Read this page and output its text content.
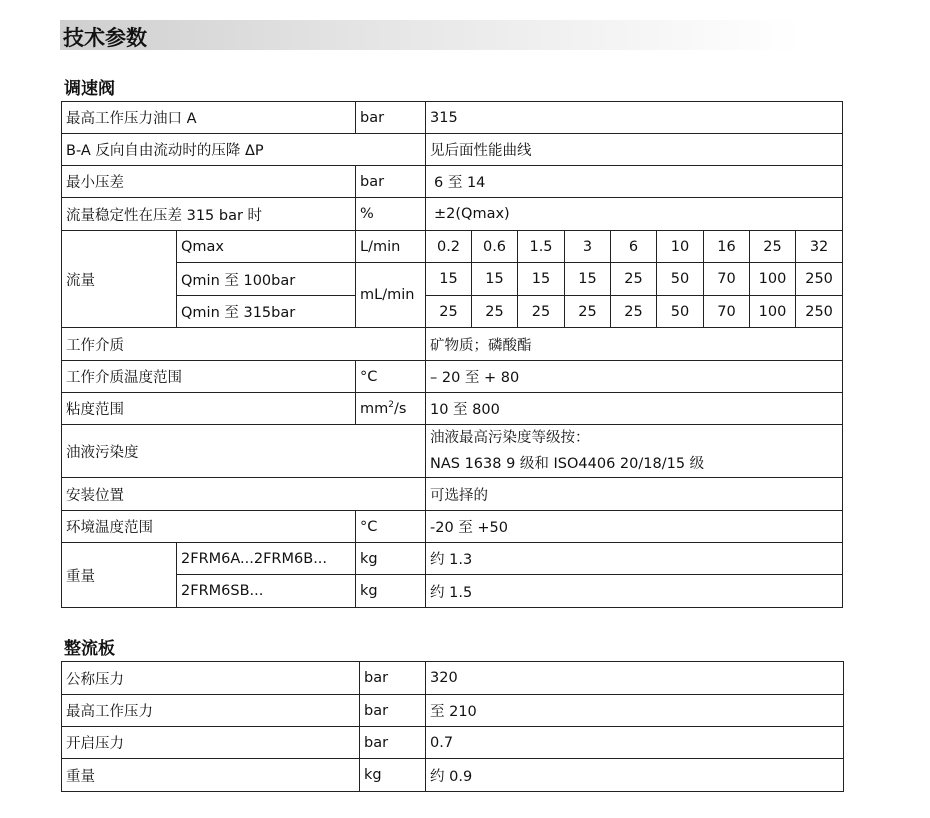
技术参数
调速阀
最高工作压力油口 A		bar	315								
B-A 反向自由流动时的压降 ΔP			见后面性能曲线								
最小压差		bar	6 至 14								
流量稳定性在压差 315 bar 时		%	±2(Qmax)								
流量	Qmax	L/min	0.2	0.6	1.5	3	6	10	16	25	32
	Qmin 至 100bar	mL/min	15	15	15	15	25	50	70	100	250
	Qmin 至 315bar		25	25	25	25	25	50	70	100	250
工作介质			矿物质；磷酸酯								
工作介质温度范围		°C	– 20 至 + 80								
粘度范围		$mm^2/s$	10 至 800								
油液污染度			油液最高污染度等级按：
NAS 1638 9 级和 ISO4406 20/18/15 级								

安装位置			可选择的								
环境温度范围		°C	-20 至 +50								
重量	2FRM6A...2FRM6B...	kg	约 1.3								
	2FRM6SB...	kg	约 1.5								
整流板
公称压力	bar	320
最高工作压力	bar	至 210
开启压力	bar	0.7
重量	kg	约 0.9
